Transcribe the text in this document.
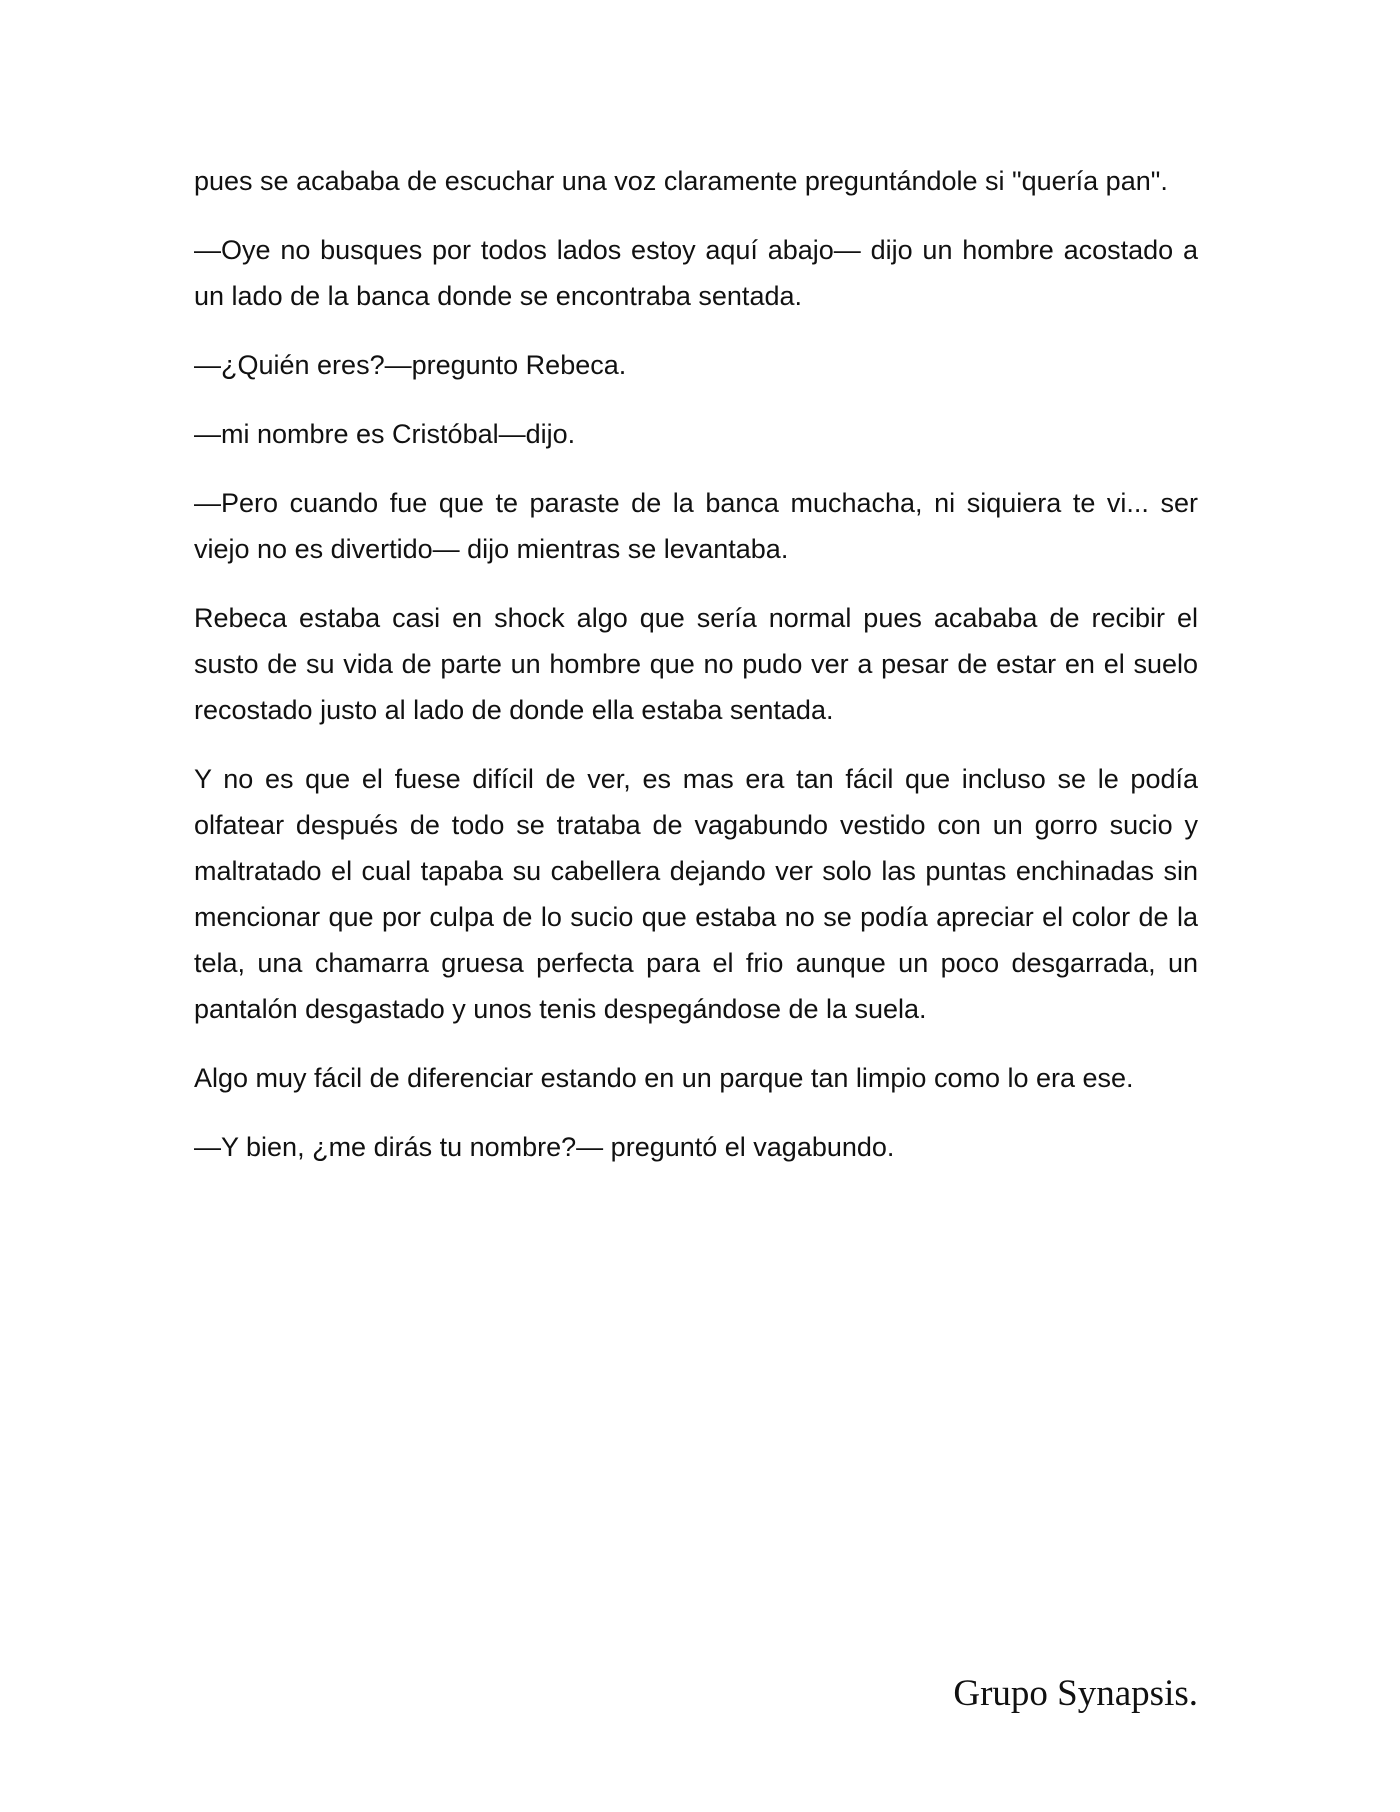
pues se acababa de escuchar una voz claramente preguntándole si "quería pan".

—Oye no busques por todos lados estoy aquí abajo— dijo un hombre acostado a un lado de la banca donde se encontraba sentada.

—¿Quién eres?—pregunto Rebeca.

—mi nombre es Cristóbal—dijo.

—Pero cuando fue que te paraste de la banca muchacha, ni siquiera te vi... ser viejo no es divertido— dijo mientras se levantaba.

Rebeca estaba casi en shock algo que sería normal pues acababa de recibir el susto de su vida de parte un hombre que no pudo ver a pesar de estar en el suelo recostado justo al lado de donde ella estaba sentada.

Y no es que el fuese difícil de ver, es mas era tan fácil que incluso se le podía olfatear después de todo se trataba de vagabundo vestido con un gorro sucio y maltratado el cual tapaba su cabellera dejando ver solo las puntas enchinadas sin mencionar que por culpa de lo sucio que estaba no se podía apreciar el color de la tela, una chamarra gruesa perfecta para el frio aunque un poco desgarrada, un pantalón desgastado y unos tenis despegándose de la suela.

Algo muy fácil de diferenciar estando en un parque tan limpio como lo era ese.

—Y bien, ¿me dirás tu nombre?— preguntó el vagabundo.

Grupo Synapsis.
